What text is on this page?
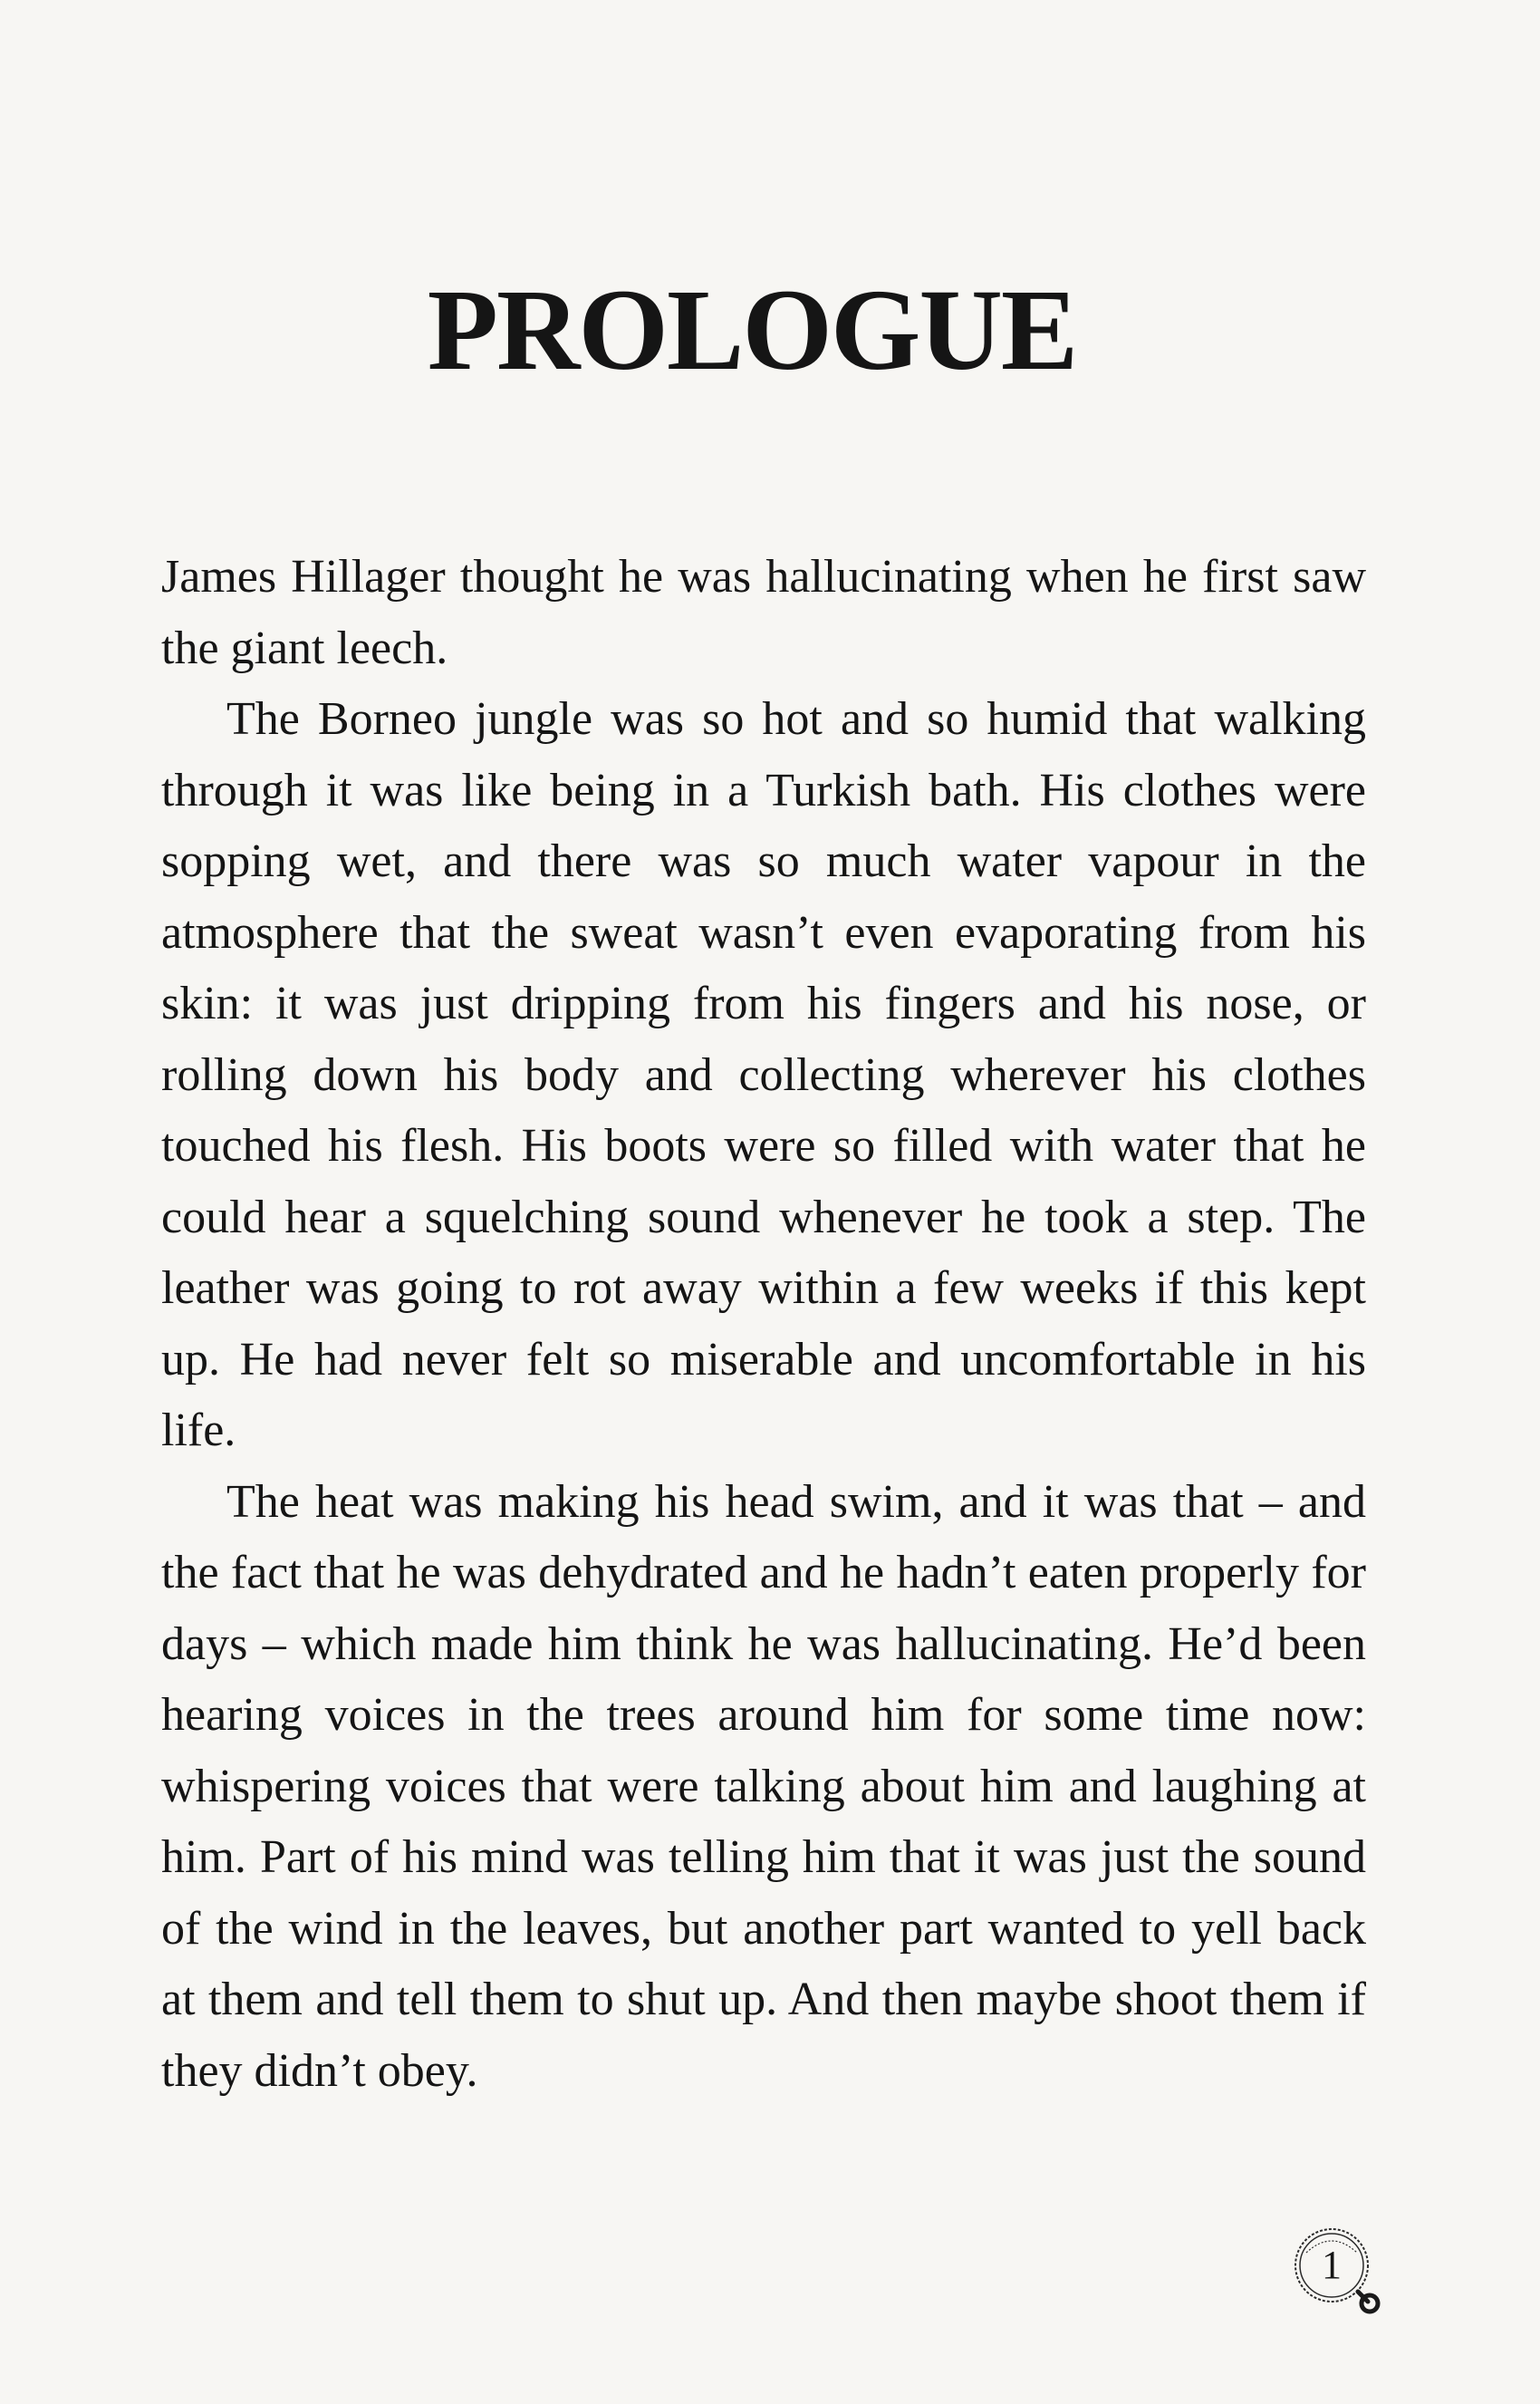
PROLOGUE

James Hillager thought he was hallucinating when he first saw the giant leech.

The Borneo jungle was so hot and so humid that walking through it was like being in a Turkish bath. His clothes were sopping wet, and there was so much water vapour in the atmosphere that the sweat wasn’t even evaporating from his skin: it was just dripping from his fingers and his nose, or rolling down his body and collecting wherever his clothes touched his flesh. His boots were so filled with water that he could hear a squelching sound whenever he took a step. The leather was going to rot away within a few weeks if this kept up. He had never felt so miserable and uncomfortable in his life.

The heat was making his head swim, and it was that – and the fact that he was dehydrated and he hadn’t eaten properly for days – which made him think he was hallucinating. He’d been hearing voices in the trees around him for some time now: whispering voices that were talking about him and laughing at him. Part of his mind was telling him that it was just the sound of the wind in the leaves, but another part wanted to yell back at them and tell them to shut up. And then maybe shoot them if they didn’t obey.

1
